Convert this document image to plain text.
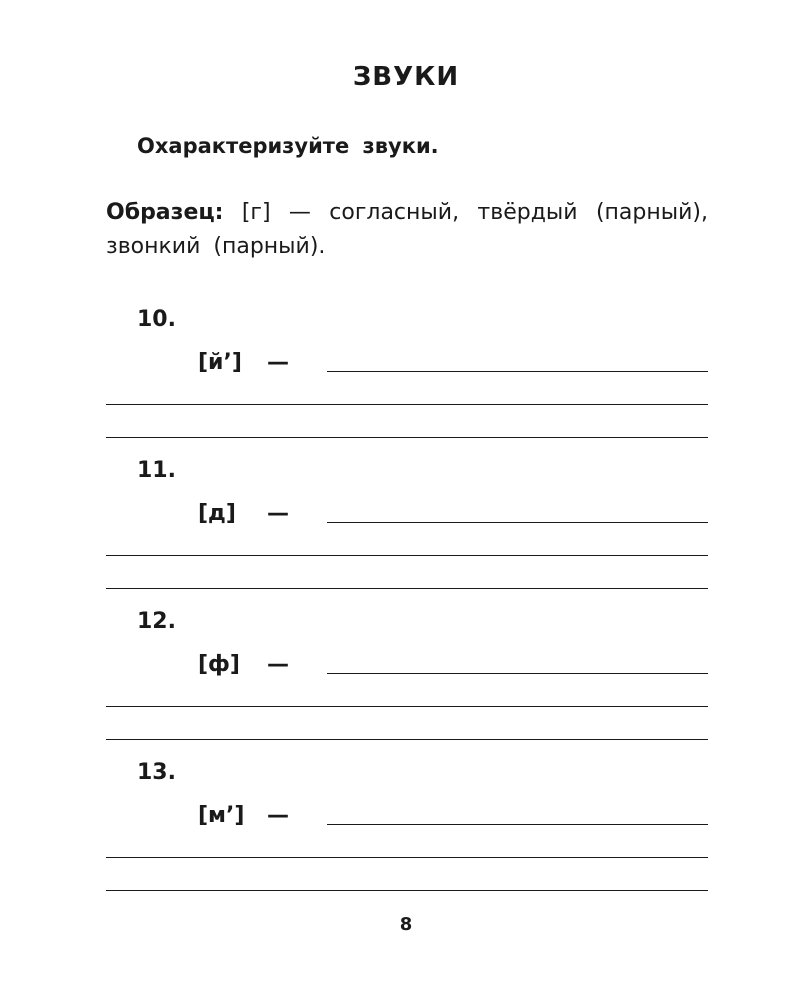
ЗВУКИ
Охарактеризуйте звуки.
Образец: [г] — согласный, твёрдый (парный), звонкий (парный).
10.
[й’] —
11.
[д] —
12.
[ф] —
13.
[м’] —
8
